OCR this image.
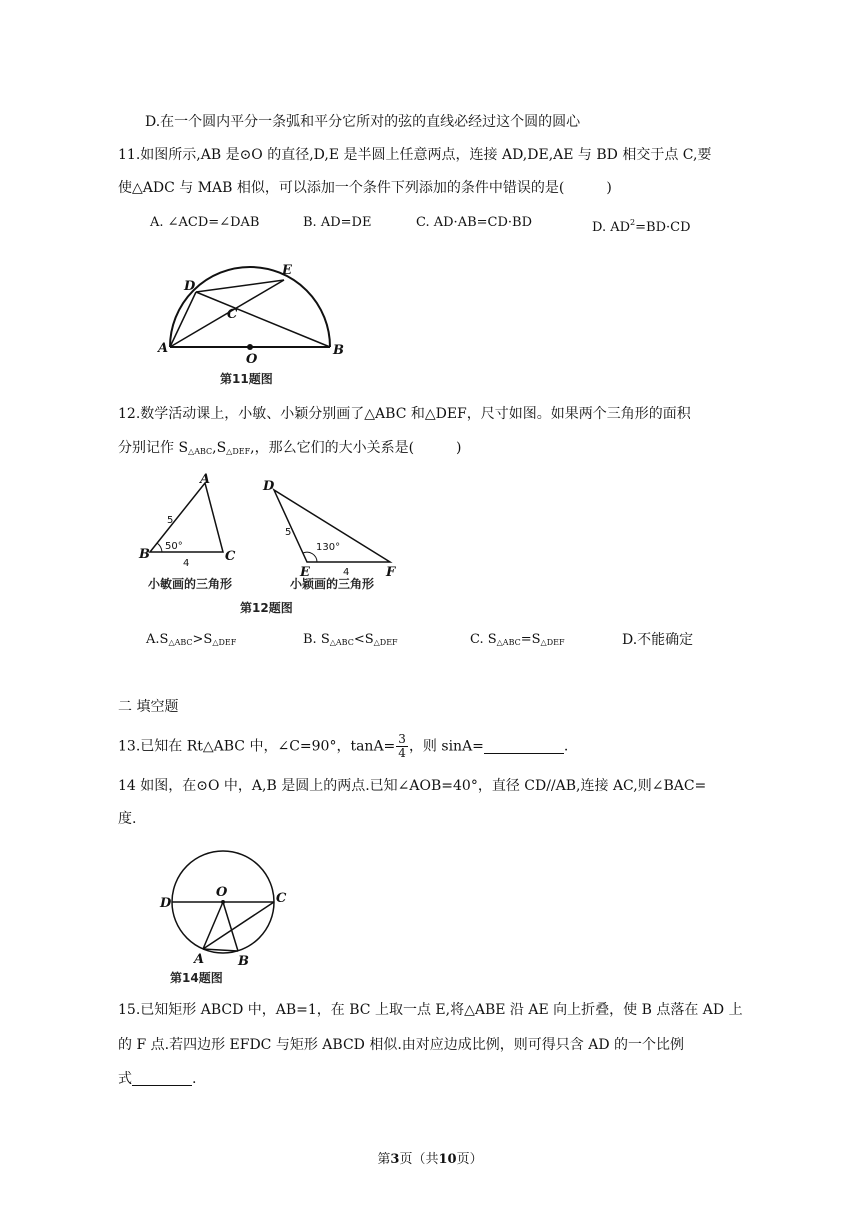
D.在一个圆内平分一条弧和平分它所对的弦的直线必经过这个圆的圆心
11.如图所示,AB 是⊙O 的直径,D,E 是半圆上任意两点，连接 AD,DE,AE 与 BD 相交于点 C,要
使△ADC 与 MAB 相似，可以添加一个条件下列添加的条件中错误的是(　　　)
A. ∠ACD=∠DAB	B. AD=DE	C. AD·AB=CD·BD	D. $AD^2=BD\cdot CD$
A	B
C
D
E
O
第11题图
12.数学活动课上，小敏、小颖分别画了△ABC 和△DEF，尺寸如图。如果两个三角形的面积
分别记作 $S_{\triangle ABC},S_{\triangle DEF}$,，那么它们的大小关系是(　　　)
A
B	C
5
4
50°
小敏画的三角形
D
E	F
5
4
130°
小颖画的三角形
第12题图
$A.S_{\triangle ABC}>S_{\triangle DEF}$	B. $S_{\triangle ABC}<S_{\triangle DEF}$	C. $S_{\triangle ABC}=S_{\triangle DEF}$	D.不能确定
二 填空题
13.已知在 Rt△ABC 中，∠C=90°，$\tan A= \frac{3}{4}$ ，则 sinA=	.
14 如图，在⊙O 中，A,B 是圆上的两点.已知∠AOB=40°，直径 CD//AB,连接 AC,则∠BAC=
度.
D
O	C
A	B
第14题图
15.已知矩形 ABCD 中，AB=1，在 BC 上取一点 E,将△ABE 沿 AE 向上折叠，使 B 点落在 AD 上
的 F 点.若四边形 EFDC 与矩形 ABCD 相似.由对应边成比例，则可得只含 AD 的一个比例
式	.
第3页（共10页）
